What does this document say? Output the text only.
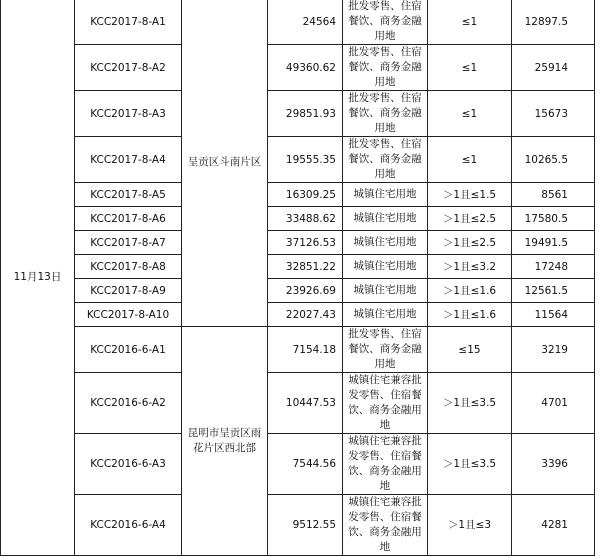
11月13日	KCC2017-8-A1	呈贡区斗南片区	24564	批发零售、住宿餐饮、商务金融用地	≤1	12897.5
	KCC2017-8-A2		49360.62	批发零售、住宿餐饮、商务金融用地	≤1	25914
	KCC2017-8-A3		29851.93	批发零售、住宿餐饮、商务金融用地	≤1	15673
	KCC2017-8-A4		19555.35	批发零售、住宿餐饮、商务金融用地	≤1	10265.5
	KCC2017-8-A5		16309.25	城镇住宅用地	＞1且≤1.5	8561
	KCC2017-8-A6		33488.62	城镇住宅用地	＞1且≤2.5	17580.5
	KCC2017-8-A7		37126.53	城镇住宅用地	＞1且≤2.5	19491.5
	KCC2017-8-A8		32851.22	城镇住宅用地	＞1且≤3.2	17248
	KCC2017-8-A9		23926.69	城镇住宅用地	＞1且≤1.6	12561.5
	KCC2017-8-A10		22027.43	城镇住宅用地	＞1且≤1.6	11564
	KCC2016-6-A1	昆明市呈贡区雨花片区西北部	7154.18	批发零售、住宿餐饮、商务金融用地	≤15	3219
	KCC2016-6-A2		10447.53	城镇住宅兼容批发零售、住宿餐饮、商务金融用地	＞1且≤3.5	4701
	KCC2016-6-A3		7544.56	城镇住宅兼容批发零售、住宿餐饮、商务金融用地	＞1且≤3.5	3396
	KCC2016-6-A4		9512.55	城镇住宅兼容批发零售、住宿餐饮、商务金融用地	＞1且≤3	4281
